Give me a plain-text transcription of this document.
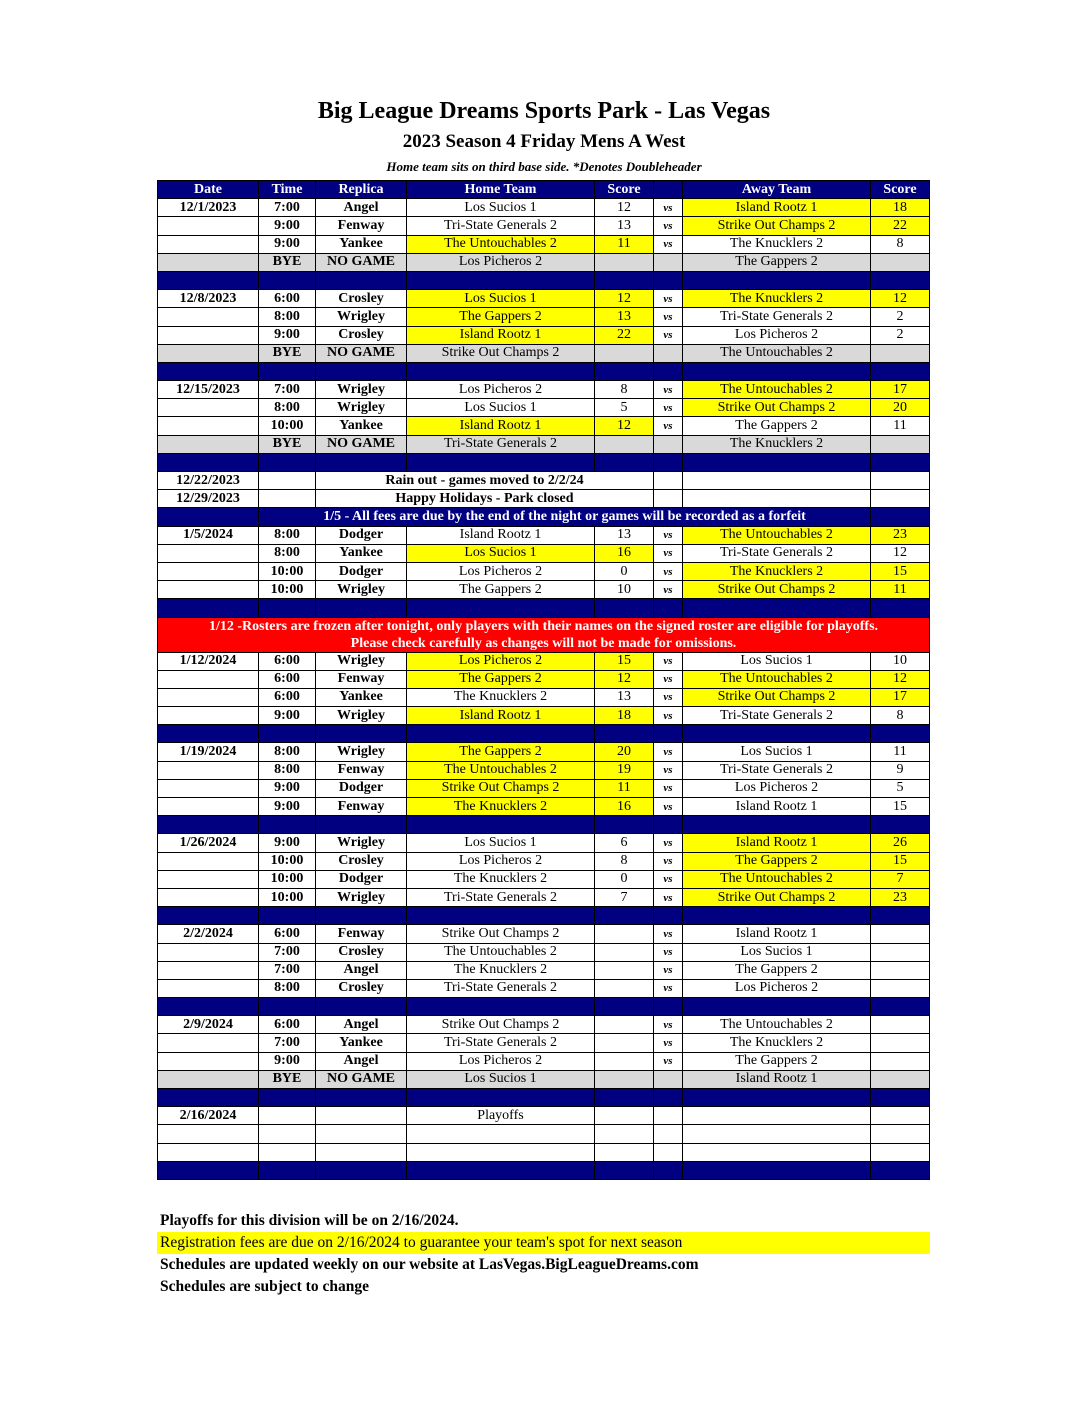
Big League Dreams Sports Park - Las Vegas
2023 Season 4 Friday Mens A West
Home team sits on third base side. *Denotes Doubleheader
Date	Time	Replica	Home Team	Score		Away Team	Score
12/1/2023	7:00	Angel	Los Sucios 1	12	vs	Island Rootz 1	18
	9:00	Fenway	Tri-State Generals 2	13	vs	Strike Out Champs 2	22
	9:00	Yankee	The Untouchables 2	11	vs	The Knucklers 2	8
	BYE	NO GAME	Los Picheros 2			The Gappers 2	

12/8/2023	6:00	Crosley	Los Sucios 1	12	vs	The Knucklers 2	12
	8:00	Wrigley	The Gappers 2	13	vs	Tri-State Generals 2	2
	9:00	Crosley	Island Rootz 1	22	vs	Los Picheros 2	2
	BYE	NO GAME	Strike Out Champs 2			The Untouchables 2	

12/15/2023	7:00	Wrigley	Los Picheros 2	8	vs	The Untouchables 2	17
	8:00	Wrigley	Los Sucios 1	5	vs	Strike Out Champs 2	20
	10:00	Yankee	Island Rootz 1	12	vs	The Gappers 2	11
	BYE	NO GAME	Tri-State Generals 2			The Knucklers 2	

12/22/2023		Rain out - games moved to 2/2/24					
12/29/2023		Happy Holidays - Park closed					
	1/5 - All fees are due by the end of the night or games will be recorded as a forfeit						
1/5/2024	8:00	Dodger	Island Rootz 1	13	vs	The Untouchables 2	23
	8:00	Yankee	Los Sucios 1	16	vs	Tri-State Generals 2	12
	10:00	Dodger	Los Picheros 2	0	vs	The Knucklers 2	15
	10:00	Wrigley	The Gappers 2	10	vs	Strike Out Champs 2	11

1/12 -Rosters are frozen after tonight, only players with their names on the signed roster are eligible for playoffs.
Please check carefully as changes will not be made for omissions.							

1/12/2024	6:00	Wrigley	Los Picheros 2	15	vs	Los Sucios 1	10
	6:00	Fenway	The Gappers 2	12	vs	The Untouchables 2	12
	6:00	Yankee	The Knucklers 2	13	vs	Strike Out Champs 2	17
	9:00	Wrigley	Island Rootz 1	18	vs	Tri-State Generals 2	8

1/19/2024	8:00	Wrigley	The Gappers 2	20	vs	Los Sucios 1	11
	8:00	Fenway	The Untouchables 2	19	vs	Tri-State Generals 2	9
	9:00	Dodger	Strike Out Champs 2	11	vs	Los Picheros 2	5
	9:00	Fenway	The Knucklers 2	16	vs	Island Rootz 1	15

1/26/2024	9:00	Wrigley	Los Sucios 1	6	vs	Island Rootz 1	26
	10:00	Crosley	Los Picheros 2	8	vs	The Gappers 2	15
	10:00	Dodger	The Knucklers 2	0	vs	The Untouchables 2	7
	10:00	Wrigley	Tri-State Generals 2	7	vs	Strike Out Champs 2	23

2/2/2024	6:00	Fenway	Strike Out Champs 2		vs	Island Rootz 1	
	7:00	Crosley	The Untouchables 2		vs	Los Sucios 1	
	7:00	Angel	The Knucklers 2		vs	The Gappers 2	
	8:00	Crosley	Tri-State Generals 2		vs	Los Picheros 2	

2/9/2024	6:00	Angel	Strike Out Champs 2		vs	The Untouchables 2	
	7:00	Yankee	Tri-State Generals 2		vs	The Knucklers 2	
	9:00	Angel	Los Picheros 2		vs	The Gappers 2	
	BYE	NO GAME	Los Sucios 1			Island Rootz 1	

2/16/2024			Playoffs				

Playoffs for this division will be on 2/16/2024.
Registration fees are due on 2/16/2024 to guarantee your team's spot for next season
Schedules are updated weekly on our website at LasVegas.BigLeagueDreams.com
Schedules are subject to change
